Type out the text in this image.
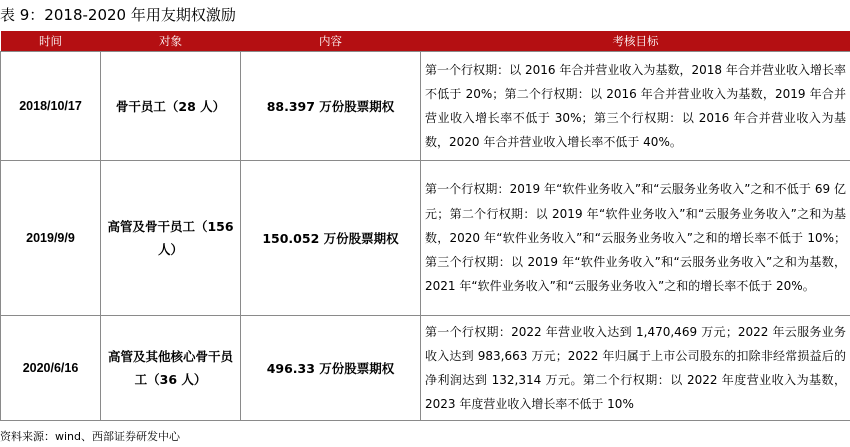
表 9：2018-2020 年用友期权激励
时间	对象	内容	考核目标
2018/10/17	骨干员工（28 人）	88.397 万份股票期权	第一个行权期：以 2016 年合并营业收入为基数，2018 年合并营业收入增长率不低于 20%；第二个行权期：以 2016 年合并营业收入为基数，2019 年合并营业收入增长率不低于 30%；第三个行权期：以 2016 年合并营业收入为基数，2020 年合并营业收入增长率不低于 40%。
2019/9/9	高管及骨干员工（156 人）	150.052 万份股票期权	第一个行权期：2019 年“软件业务收入”和“云服务业务收入”之和不低于 69 亿元；第二个行权期：以 2019 年“软件业务收入”和“云服务业务收入”之和为基数，2020 年“软件业务收入”和“云服务业务收入”之和的增长率不低于 10%；第三个行权期：以 2019 年“软件业务收入”和“云服务业务收入”之和为基数，2021 年“软件业务收入”和“云服务业务收入”之和的增长率不低于 20%。
2020/6/16	高管及其他核心骨干员工（36 人）	496.33 万份股票期权	第一个行权期：2022 年营业收入达到 1,470,469 万元；2022 年云服务业务收入达到 983,663 万元；2022 年归属于上市公司股东的扣除非经常损益后的净利润达到 132,314 万元。第二个行权期：以 2022 年度营业收入为基数，2023 年度营业收入增长率不低于 10%
资料来源：wind、西部证券研发中心
